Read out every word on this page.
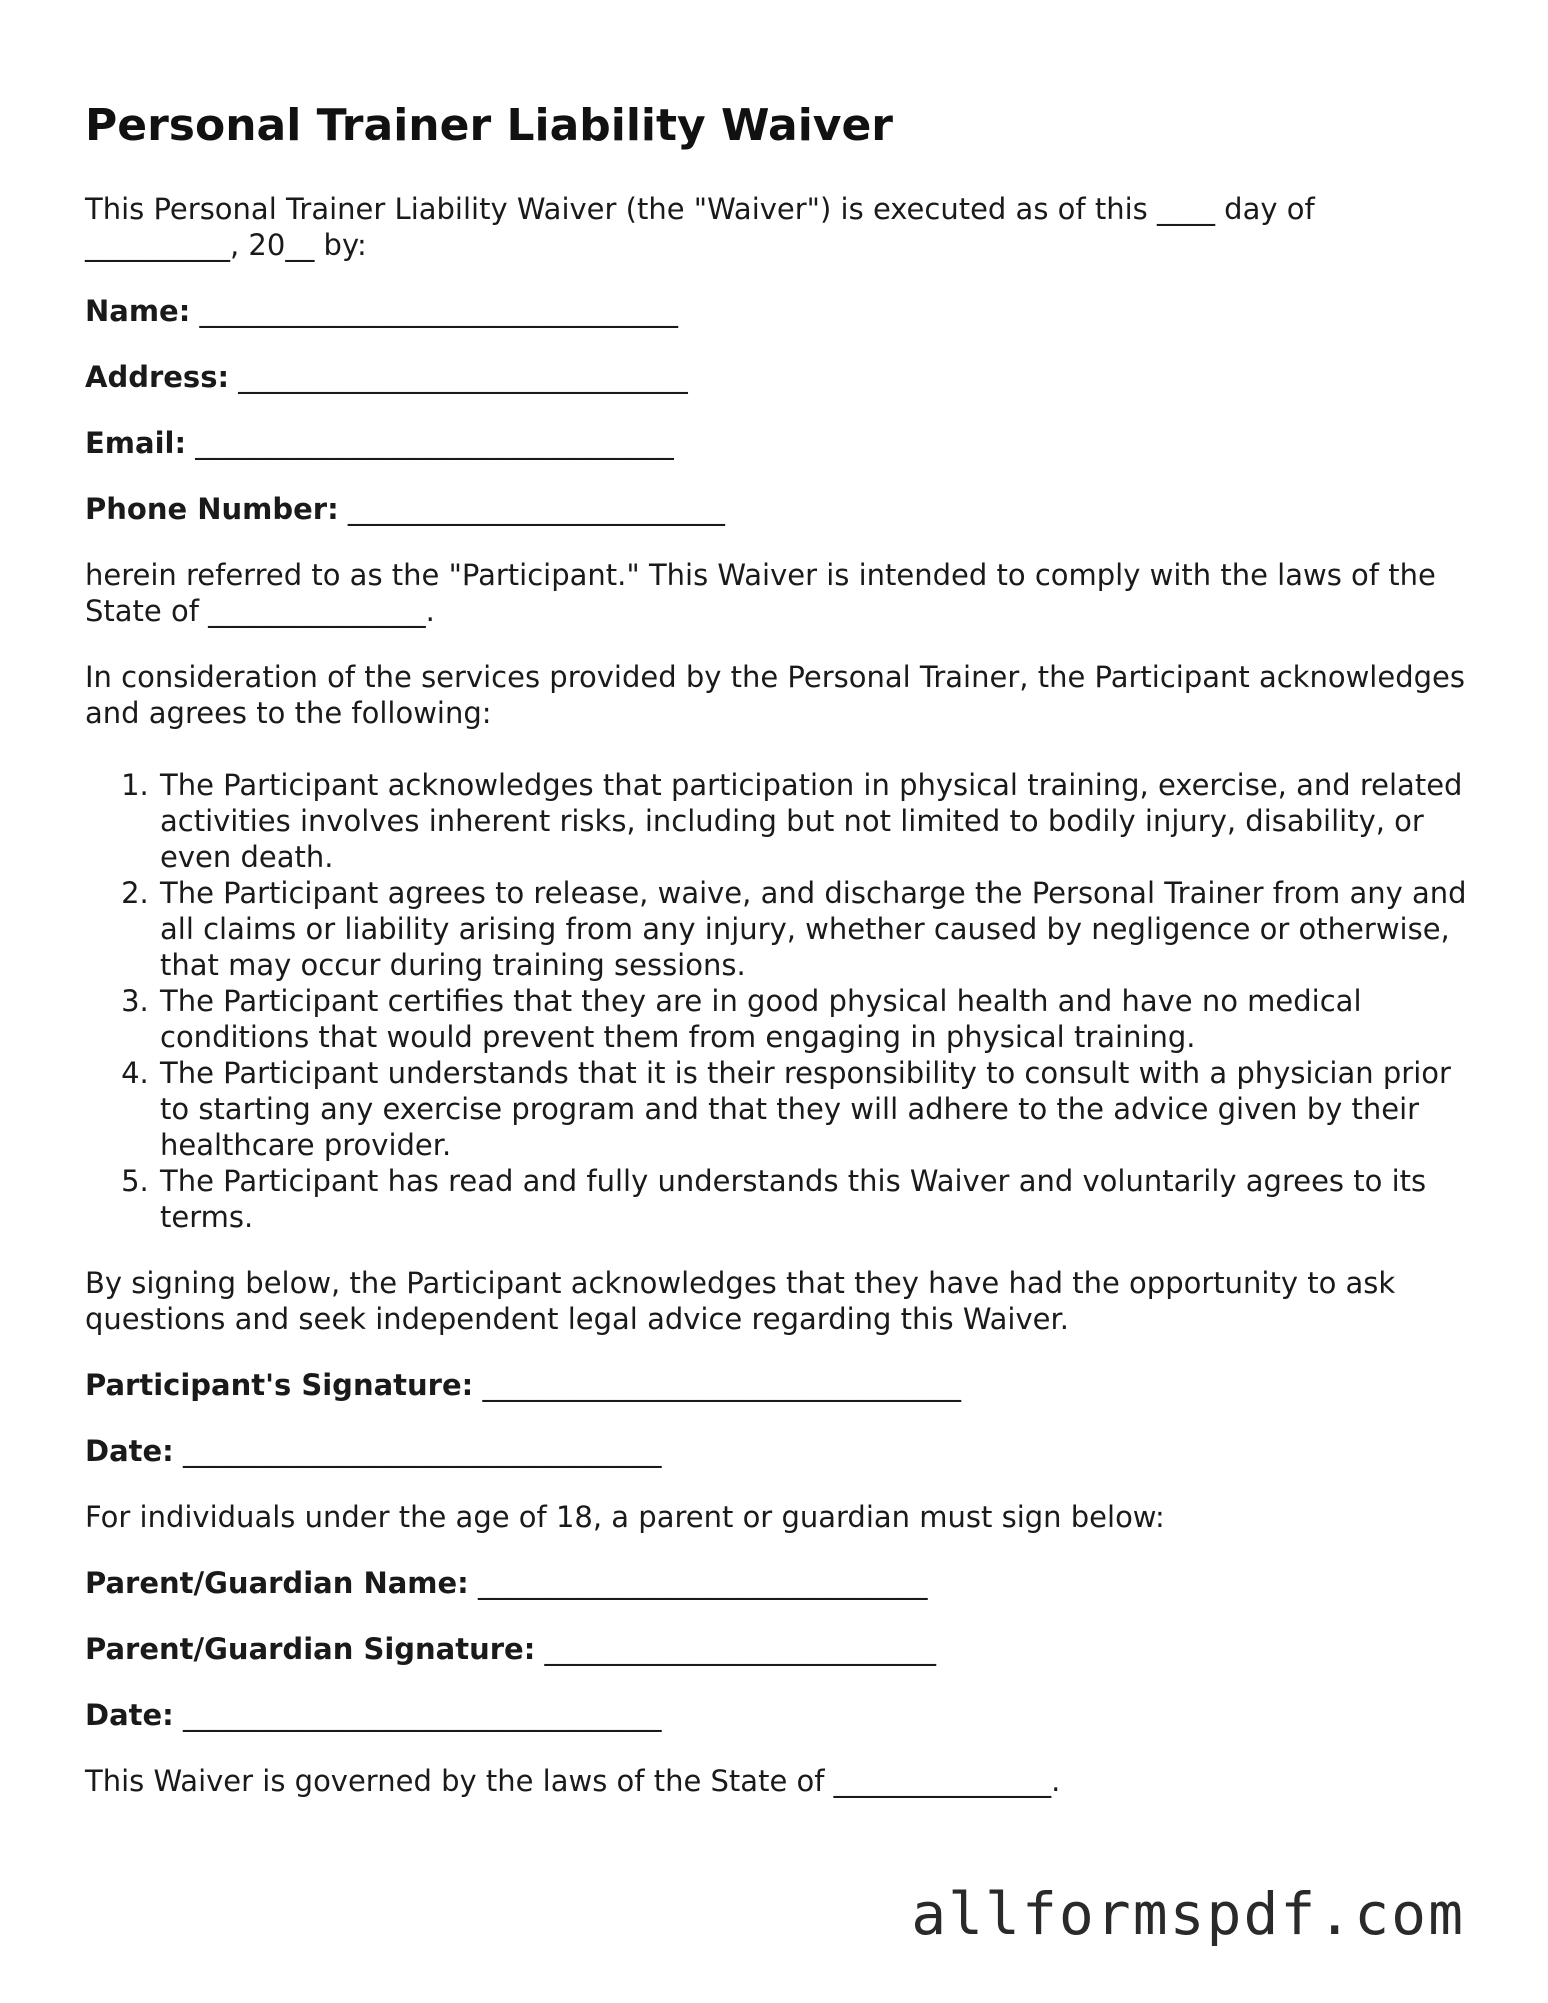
Personal Trainer Liability Waiver

This Personal Trainer Liability Waiver (the "Waiver") is executed as of this ____ day of __________, 20__ by:

Name: _________________________________
Address: _______________________________
Email: _________________________________
Phone Number: __________________________

herein referred to as the "Participant." This Waiver is intended to comply with the laws of the State of _______________.

In consideration of the services provided by the Personal Trainer, the Participant acknowledges and agrees to the following:

1. The Participant acknowledges that participation in physical training, exercise, and related activities involves inherent risks, including but not limited to bodily injury, disability, or even death.
2. The Participant agrees to release, waive, and discharge the Personal Trainer from any and all claims or liability arising from any injury, whether caused by negligence or otherwise, that may occur during training sessions.
3. The Participant certifies that they are in good physical health and have no medical conditions that would prevent them from engaging in physical training.
4. The Participant understands that it is their responsibility to consult with a physician prior to starting any exercise program and that they will adhere to the advice given by their healthcare provider.
5. The Participant has read and fully understands this Waiver and voluntarily agrees to its terms.

By signing below, the Participant acknowledges that they have had the opportunity to ask questions and seek independent legal advice regarding this Waiver.

Participant's Signature: _________________________________
Date: _________________________________

For individuals under the age of 18, a parent or guardian must sign below:

Parent/Guardian Name: _______________________________
Parent/Guardian Signature: ___________________________
Date: _________________________________

This Waiver is governed by the laws of the State of _______________.

allformspdf.com
